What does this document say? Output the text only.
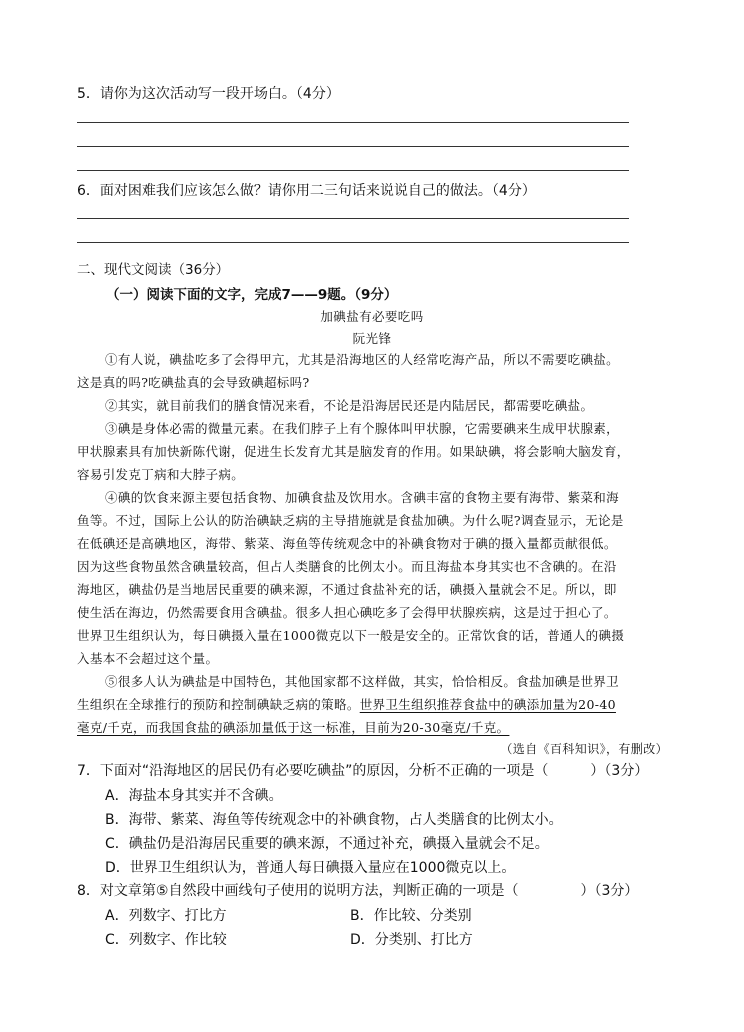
5．请你为这次活动写一段开场白。（4分）
6．面对困难我们应该怎么做？请你用二三句话来说说自己的做法。（4分）
二、现代文阅读（36分）
（一）阅读下面的文字，完成7——9题。（9分）
加碘盐有必要吃吗
阮光锋
①有人说，碘盐吃多了会得甲亢，尤其是沿海地区的人经常吃海产品，所以不需要吃碘盐。
这是真的吗?吃碘盐真的会导致碘超标吗?
②其实，就目前我们的膳食情况来看，不论是沿海居民还是内陆居民，都需要吃碘盐。
③碘是身体必需的微量元素。在我们脖子上有个腺体叫甲状腺，它需要碘来生成甲状腺素，
甲状腺素具有加快新陈代谢，促进生长发育尤其是脑发育的作用。如果缺碘，将会影响大脑发育，
容易引发克丁病和大脖子病。
④碘的饮食来源主要包括食物、加碘食盐及饮用水。含碘丰富的食物主要有海带、紫菜和海
鱼等。不过，国际上公认的防治碘缺乏病的主导措施就是食盐加碘。为什么呢?调查显示，无论是
在低碘还是高碘地区，海带、紫菜、海鱼等传统观念中的补碘食物对于碘的摄入量都贡献很低。
因为这些食物虽然含碘量较高，但占人类膳食的比例太小。而且海盐本身其实也不含碘的。在沿
海地区，碘盐仍是当地居民重要的碘来源，不通过食盐补充的话，碘摄入量就会不足。所以，即
使生活在海边，仍然需要食用含碘盐。很多人担心碘吃多了会得甲状腺疾病，这是过于担心了。
世界卫生组织认为，每日碘摄入量在1000微克以下一般是安全的。正常饮食的话，普通人的碘摄
入基本不会超过这个量。
⑤很多人认为碘盐是中国特色，其他国家都不这样做，其实，恰恰相反。食盐加碘是世界卫
生组织在全球推行的预防和控制碘缺乏病的策略。世界卫生组织推荐食盐中的碘添加量为20-40
毫克/千克，而我国食盐的碘添加量低于这一标准，目前为20-30毫克/千克。
（选自《百科知识》，有删改）
7．下面对“沿海地区的居民仍有必要吃碘盐”的原因，分析不正确的一项是（	）（3分）
A．海盐本身其实并不含碘。
B．海带、紫菜、海鱼等传统观念中的补碘食物，占人类膳食的比例太小。
C．碘盐仍是沿海居民重要的碘来源，不通过补充，碘摄入量就会不足。
D．世界卫生组织认为，普通人每日碘摄入量应在1000微克以上。
8．对文章第⑤自然段中画线句子使用的说明方法，判断正确的一项是（	）（3分）
A．列数字、打比方	B．作比较、分类别
C．列数字、作比较	D．分类别、打比方
